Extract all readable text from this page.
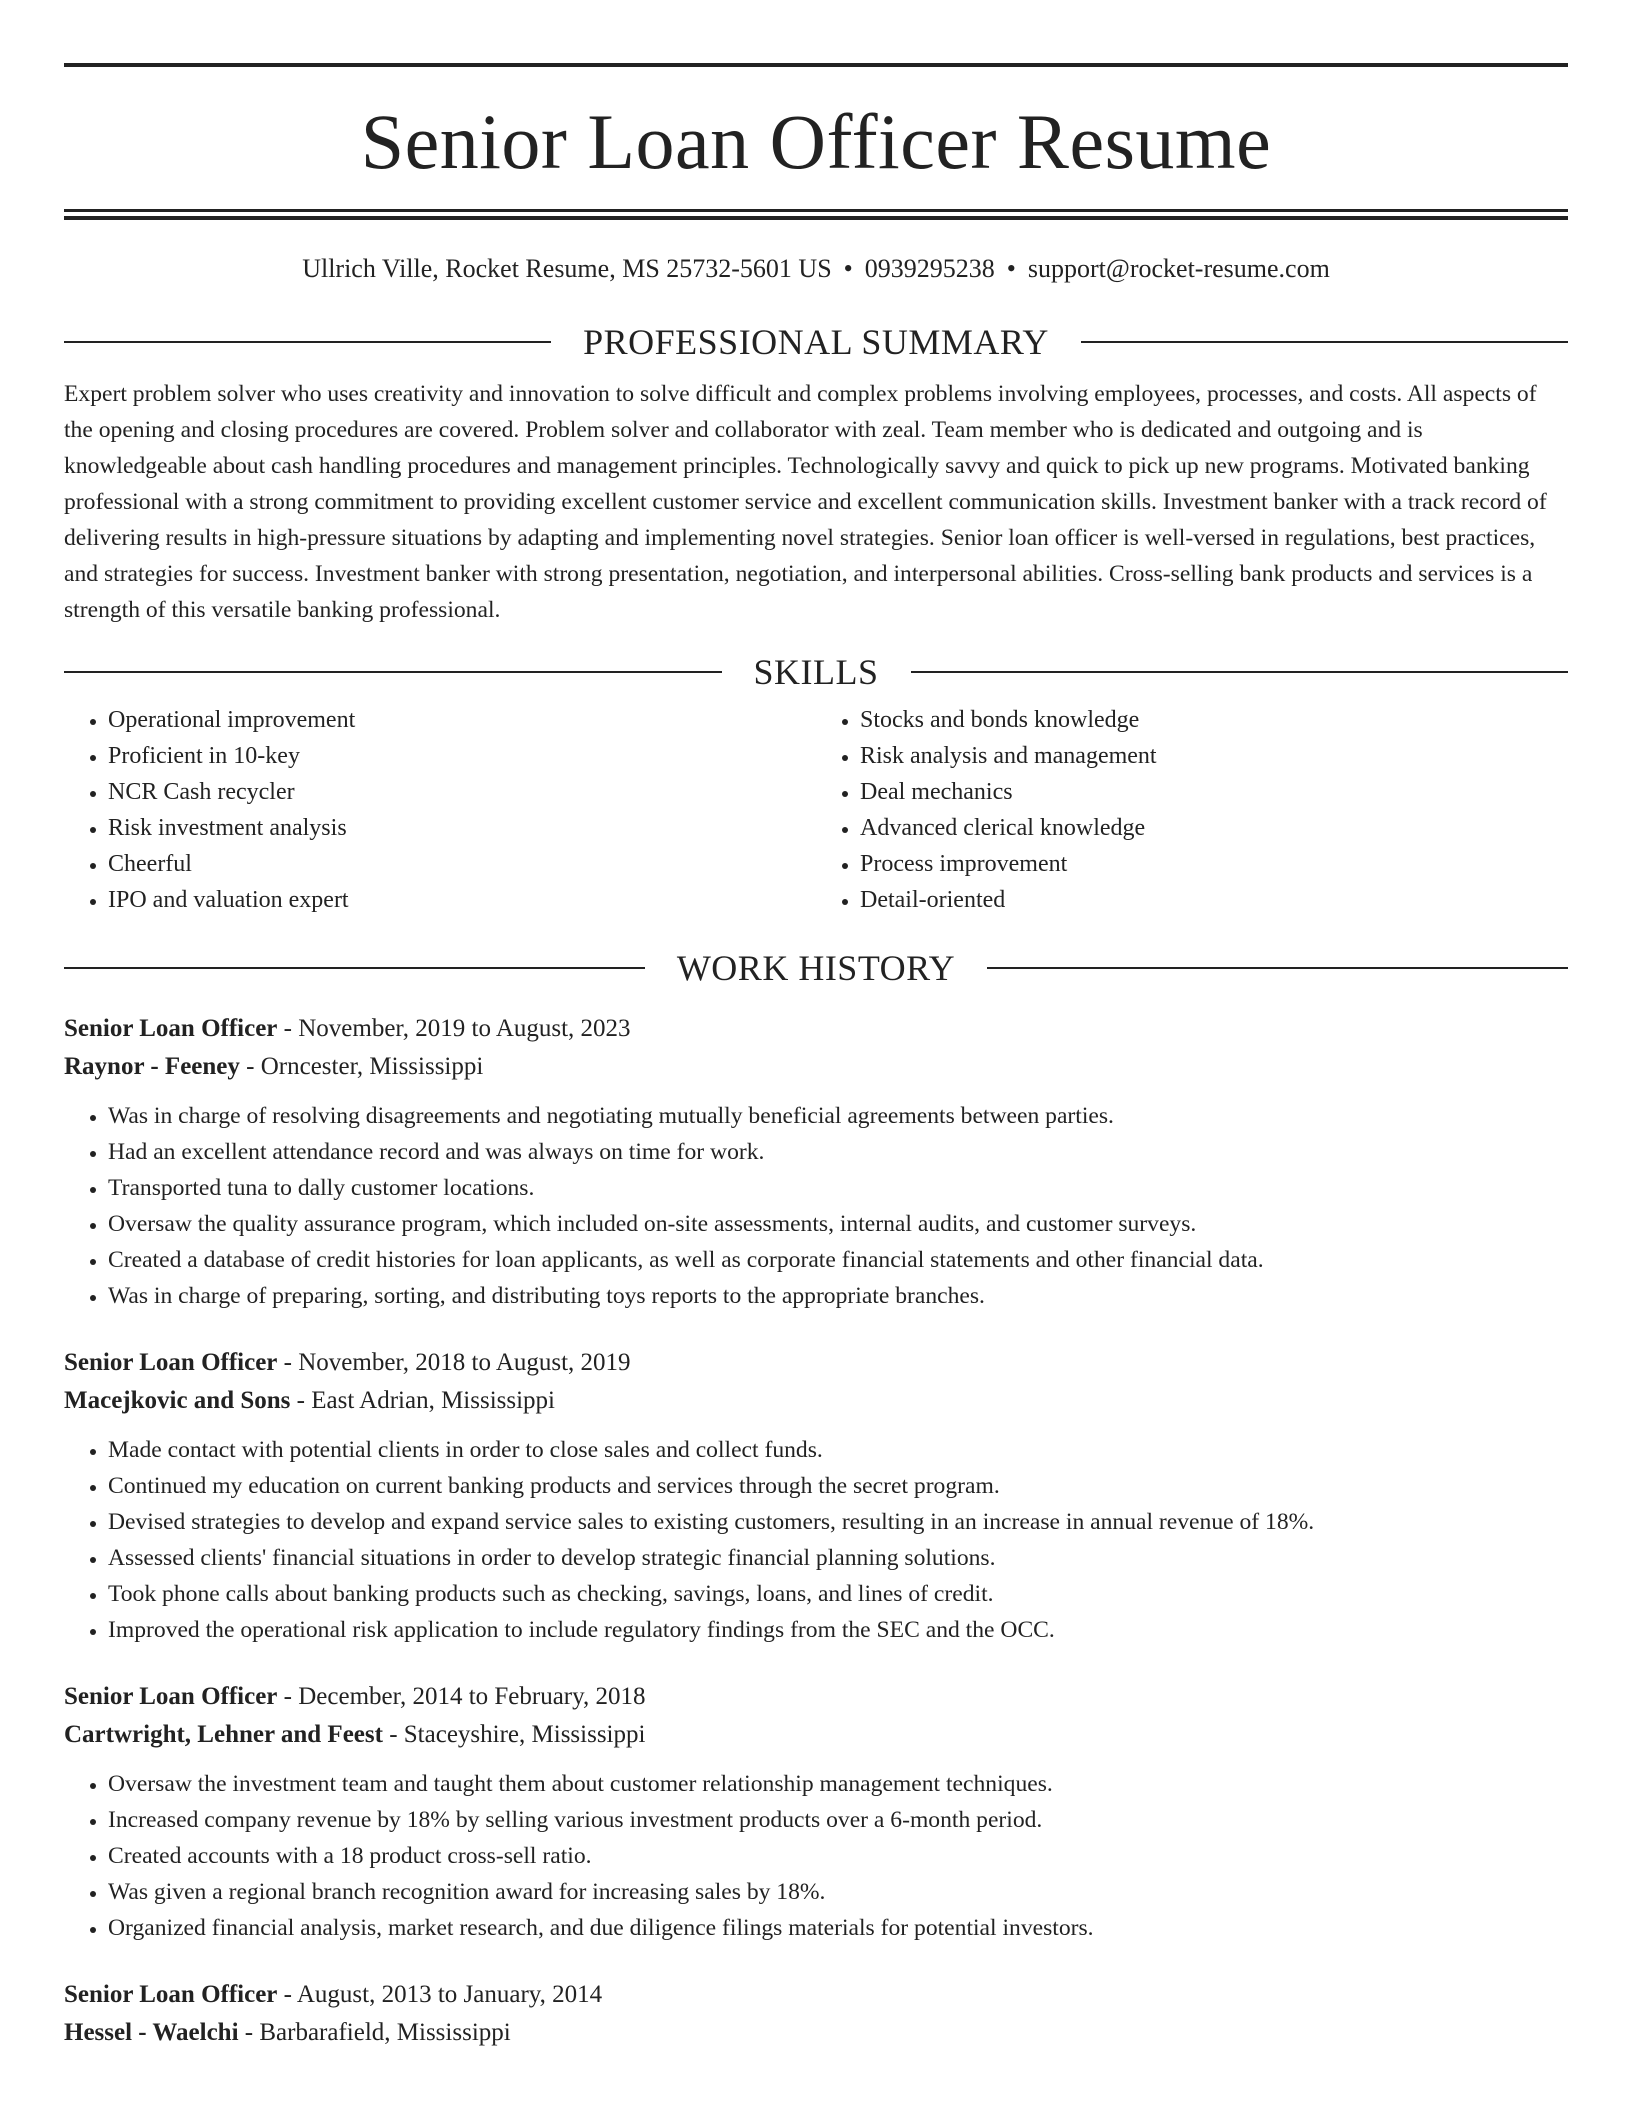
Senior Loan Officer Resume
Ullrich Ville, Rocket Resume, MS 25732-5601 US • 0939295238 • support@rocket-resume.com
PROFESSIONAL SUMMARY

Expert problem solver who uses creativity and innovation to solve difficult and complex problems involving employees, processes, and costs. All aspects of the opening and closing procedures are covered. Problem solver and collaborator with zeal. Team member who is dedicated and outgoing and is knowledgeable about cash handling procedures and management principles. Technologically savvy and quick to pick up new programs. Motivated banking professional with a strong commitment to providing excellent customer service and excellent communication skills. Investment banker with a track record of delivering results in high-pressure situations by adapting and implementing novel strategies. Senior loan officer is well-versed in regulations, best practices, and strategies for success. Investment banker with strong presentation, negotiation, and interpersonal abilities. Cross-selling bank products and services is a strength of this versatile banking professional.

SKILLS
• Operational improvement
• Proficient in 10-key
• NCR Cash recycler
• Risk investment analysis
• Cheerful
• IPO and valuation expert
• Stocks and bonds knowledge
• Risk analysis and management
• Deal mechanics
• Advanced clerical knowledge
• Process improvement
• Detail-oriented
WORK HISTORY
Senior Loan Officer - November, 2019 to August, 2023
Raynor - Feeney - Orncester, Mississippi
• Was in charge of resolving disagreements and negotiating mutually beneficial agreements between parties.
• Had an excellent attendance record and was always on time for work.
• Transported tuna to dally customer locations.
• Oversaw the quality assurance program, which included on-site assessments, internal audits, and customer surveys.
• Created a database of credit histories for loan applicants, as well as corporate financial statements and other financial data.
• Was in charge of preparing, sorting, and distributing toys reports to the appropriate branches.
Senior Loan Officer - November, 2018 to August, 2019
Macejkovic and Sons - East Adrian, Mississippi
• Made contact with potential clients in order to close sales and collect funds.
• Continued my education on current banking products and services through the secret program.
• Devised strategies to develop and expand service sales to existing customers, resulting in an increase in annual revenue of 18%.
• Assessed clients' financial situations in order to develop strategic financial planning solutions.
• Took phone calls about banking products such as checking, savings, loans, and lines of credit.
• Improved the operational risk application to include regulatory findings from the SEC and the OCC.
Senior Loan Officer - December, 2014 to February, 2018
Cartwright, Lehner and Feest - Staceyshire, Mississippi
• Oversaw the investment team and taught them about customer relationship management techniques.
• Increased company revenue by 18% by selling various investment products over a 6-month period.
• Created accounts with a 18 product cross-sell ratio.
• Was given a regional branch recognition award for increasing sales by 18%.
• Organized financial analysis, market research, and due diligence filings materials for potential investors.
Senior Loan Officer - August, 2013 to January, 2014
Hessel - Waelchi - Barbarafield, Mississippi
